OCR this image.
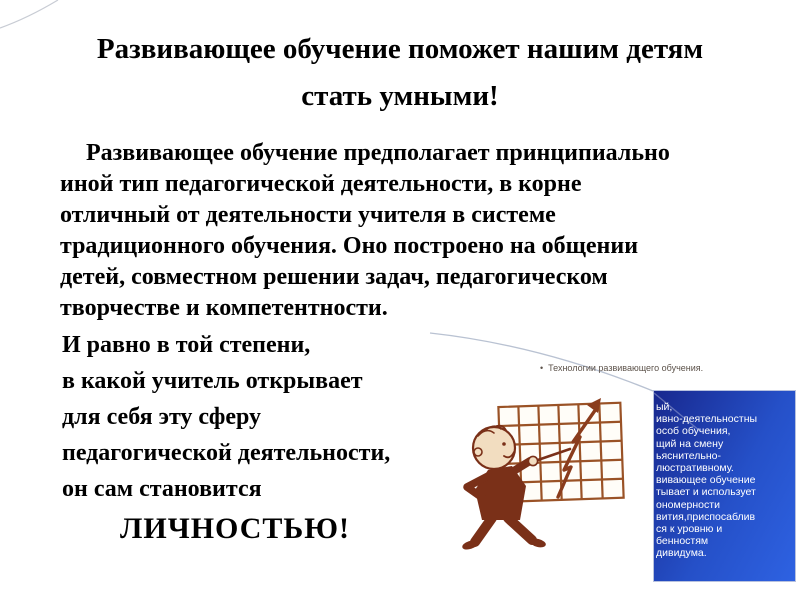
Развивающее обучение поможет нашим детям
стать умными!
Развивающее обучение предполагает принципиально
иной тип педагогической деятельности, в корне
отличный от деятельности учителя в системе
традиционного обучения. Оно построено на общении
детей, совместном решении задач, педагогическом
творчестве и компетентности.
И равно в той степени,
в какой учитель открывает
для себя эту сферу
педагогической деятельности,
он сам становится
ЛИЧНОСТЬЮ!
• Технологии развивающего обучения.
ый,
ивно-деятельностны
особ обучения,
щий на смену
ьяснительно-
люстративному.
вивающее обучение
тывает и использует
ономерности
вития,приспосаблив
ся к уровню и
бенностям
дивидума.
